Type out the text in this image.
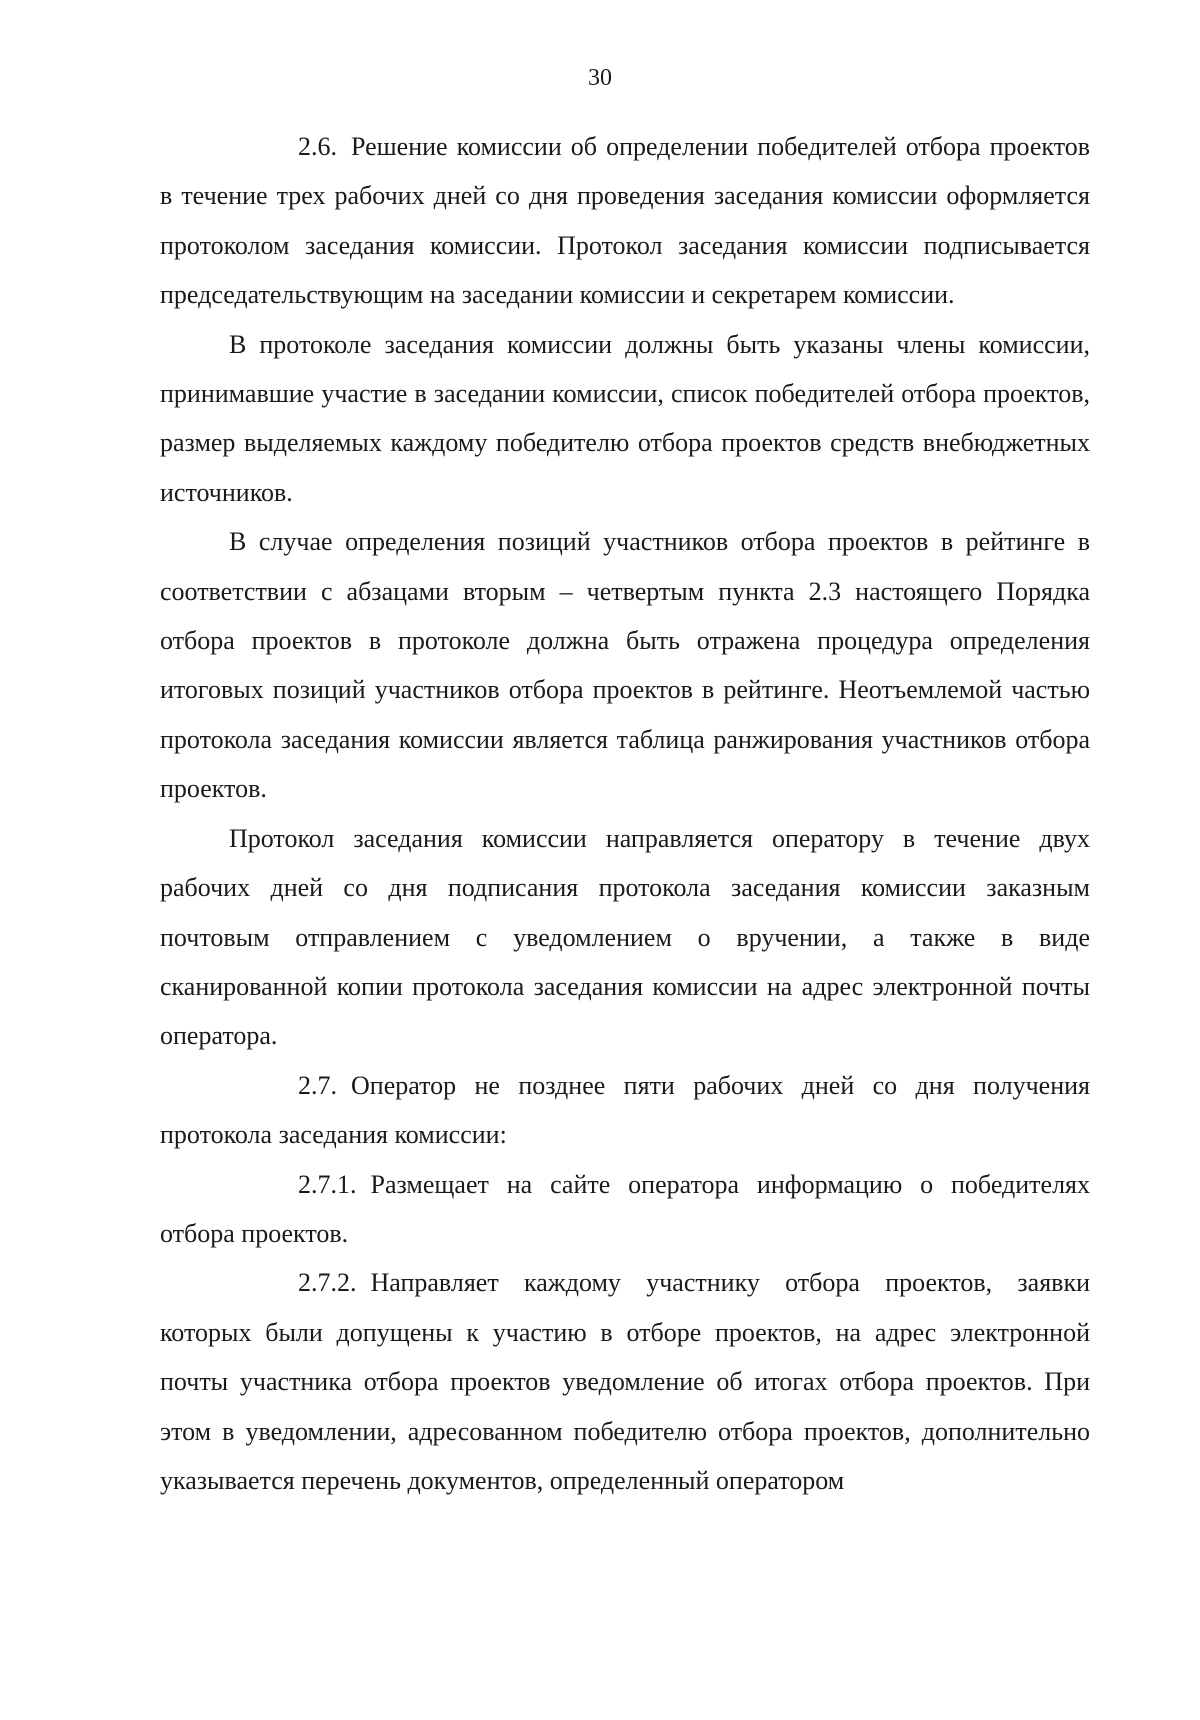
30

2.6. Решение комиссии об определении победителей отбора проектов в течение трех рабочих дней со дня проведения заседания комиссии оформляется протоколом заседания комиссии. Протокол заседания комиссии подписывается председательствующим на заседании комиссии и секретарем комиссии.

В протоколе заседания комиссии должны быть указаны члены комиссии, принимавшие участие в заседании комиссии, список победителей отбора проектов, размер выделяемых каждому победителю отбора проектов средств внебюджетных источников.

В случае определения позиций участников отбора проектов в рейтинге в соответствии с абзацами вторым – четвертым пункта 2.3 настоящего Порядка отбора проектов в протоколе должна быть отражена процедура определения итоговых позиций участников отбора проектов в рейтинге. Неотъемлемой частью протокола заседания комиссии является таблица ранжирования участников отбора проектов.

Протокол заседания комиссии направляется оператору в течение двух рабочих дней со дня подписания протокола заседания комиссии заказным почтовым отправлением с уведомлением о вручении, а также в виде сканированной копии протокола заседания комиссии на адрес электронной почты оператора.

2.7. Оператор не позднее пяти рабочих дней со дня получения протокола заседания комиссии:

2.7.1. Размещает на сайте оператора информацию о победителях отбора проектов.

2.7.2. Направляет каждому участнику отбора проектов, заявки которых были допущены к участию в отборе проектов, на адрес электронной почты участника отбора проектов уведомление об итогах отбора проектов. При этом в уведомлении, адресованном победителю отбора проектов, дополнительно указывается перечень документов, определенный оператором
